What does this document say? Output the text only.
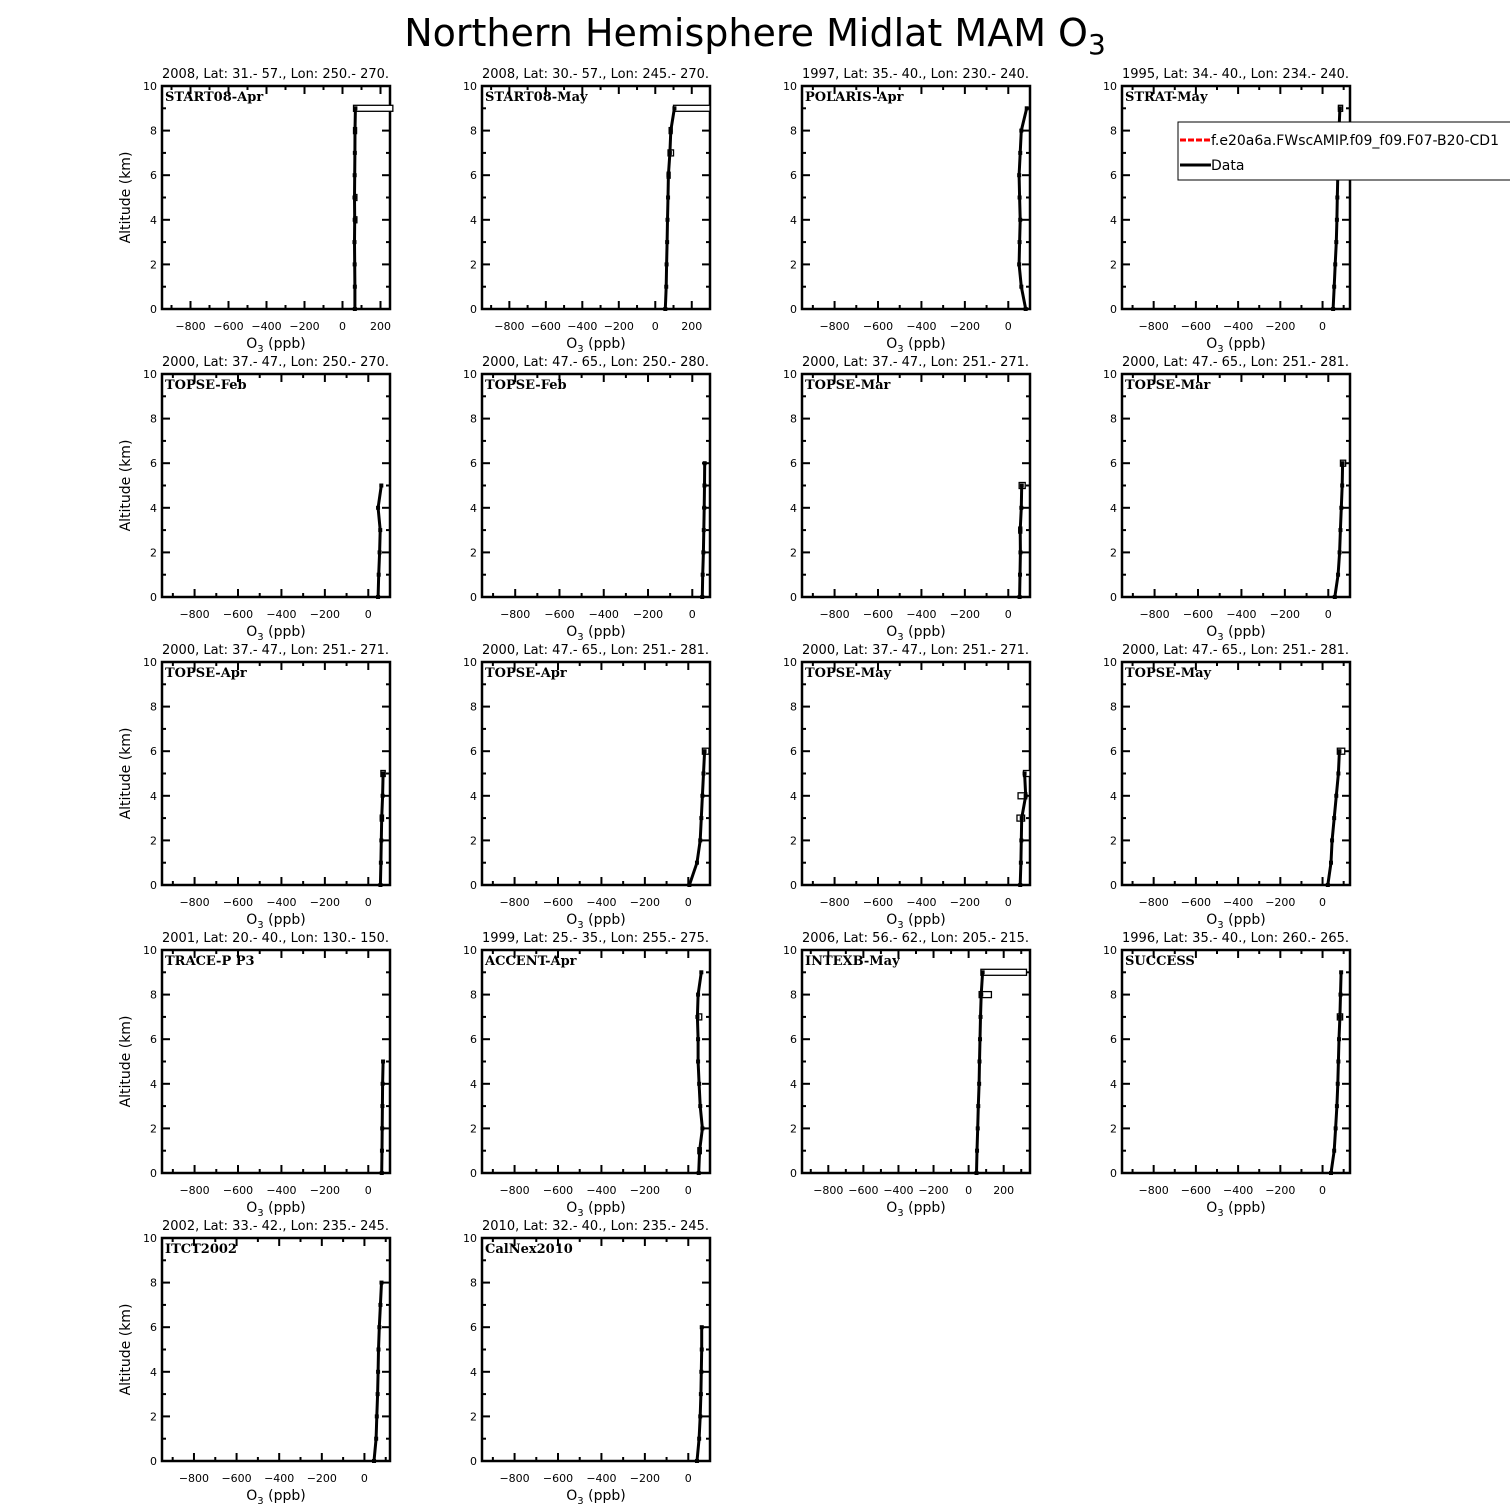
Northern Hemisphere Midlat MAM $O_3$
2008, Lat: 31.- 57., Lon: 250.- 270.
START08-Apr
0
2
4
6
8
10
−800 −600 −400 −200 0 200
$O_3$ (ppb)
Altitude (km)
2008, Lat: 30.- 57., Lon: 245.- 270.
START08-May
0
2
4
6
8
10
−800 −600 −400 −200 0 200
$O_3$ (ppb)
1997, Lat: 35.- 40., Lon: 230.- 240.
POLARIS-Apr
0
2
4
6
8
10
−800 −600 −400 −200 0
$O_3$ (ppb)
1995, Lat: 34.- 40., Lon: 234.- 240.
STRAT-May
0
2
4
6
8
10
−800 −600 −400 −200 0
$O_3$ (ppb)
2000, Lat: 37.- 47., Lon: 250.- 270.
TOPSE-Feb
0
2
4
6
8
10
−800 −600 −400 −200 0
$O_3$ (ppb)
Altitude (km)
2000, Lat: 47.- 65., Lon: 250.- 280.
TOPSE-Feb
0
2
4
6
8
10
−800 −600 −400 −200 0
$O_3$ (ppb)
2000, Lat: 37.- 47., Lon: 251.- 271.
TOPSE-Mar
0
2
4
6
8
10
−800 −600 −400 −200 0
$O_3$ (ppb)
2000, Lat: 47.- 65., Lon: 251.- 281.
TOPSE-Mar
0
2
4
6
8
10
−800 −600 −400 −200 0
$O_3$ (ppb)
2000, Lat: 37.- 47., Lon: 251.- 271.
TOPSE-Apr
0
2
4
6
8
10
−800 −600 −400 −200 0
$O_3$ (ppb)
Altitude (km)
2000, Lat: 47.- 65., Lon: 251.- 281.
TOPSE-Apr
0
2
4
6
8
10
−800 −600 −400 −200 0
$O_3$ (ppb)
2000, Lat: 37.- 47., Lon: 251.- 271.
TOPSE-May
0
2
4
6
8
10
−800 −600 −400 −200 0
$O_3$ (ppb)
2000, Lat: 47.- 65., Lon: 251.- 281.
TOPSE-May
0
2
4
6
8
10
−800 −600 −400 −200 0
$O_3$ (ppb)
2001, Lat: 20.- 40., Lon: 130.- 150.
TRACE-P P3
0
2
4
6
8
10
−800 −600 −400 −200 0
$O_3$ (ppb)
Altitude (km)
1999, Lat: 25.- 35., Lon: 255.- 275.
ACCENT-Apr
0
2
4
6
8
10
−800 −600 −400 −200 0
$O_3$ (ppb)
2006, Lat: 56.- 62., Lon: 205.- 215.
INTEXB-May
0
2
4
6
8
10
−800 −600 −400 −200 0 200
$O_3$ (ppb)
1996, Lat: 35.- 40., Lon: 260.- 265.
SUCCESS
0
2
4
6
8
10
−800 −600 −400 −200 0
$O_3$ (ppb)
2002, Lat: 33.- 42., Lon: 235.- 245.
ITCT2002
0
2
4
6
8
10
−800 −600 −400 −200 0
$O_3$ (ppb)
Altitude (km)
2010, Lat: 32.- 40., Lon: 235.- 245.
CalNex2010
0
2
4
6
8
10
−800 −600 −400 −200 0
$O_3$ (ppb)
f.e20a6a.FWscAMIP.f09_f09.F07-B20-CD1
Data
